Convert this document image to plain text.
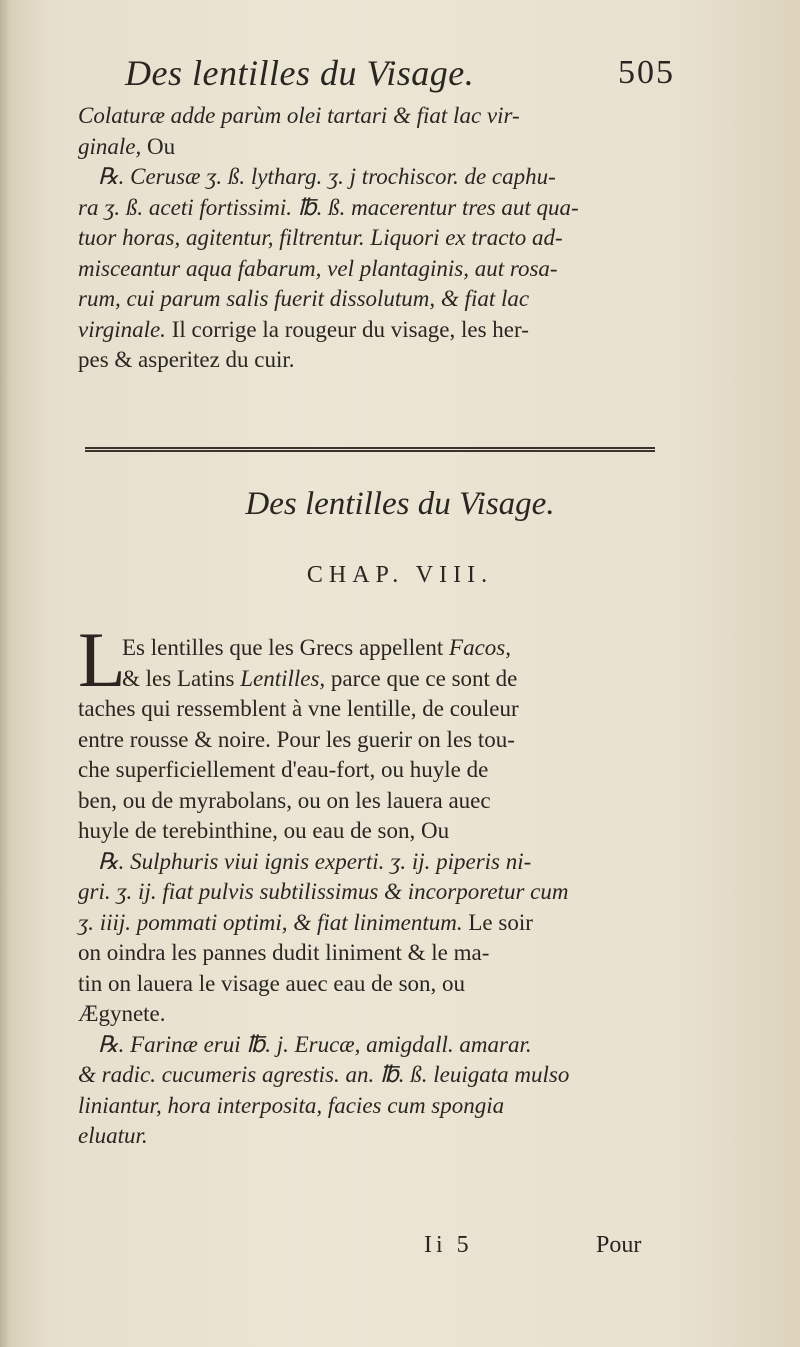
Des lentilles du Visage.	505

Colaturæ adde parùm olei tartari & fiat lac vir-

ginale, Ou

℞. Cerusæ ʒ. ß. lytharg. ʒ. j trochiscor. de caphu-

ra ʒ. ß. aceti fortissimi. ℔. ß. macerentur tres aut qua-

tuor horas, agitentur, filtrentur. Liquori ex tracto ad-

misceantur aqua fabarum, vel plantaginis, aut rosa-

rum, cui parum salis fuerit dissolutum, & fiat lac

virginale. Il corrige la rougeur du visage, les her-

pes & asperitez du cuir.

Des lentilles du Visage.
CHAP. VIII.
L

Es lentilles que les Grecs appellent Facos,

& les Latins Lentilles, parce que ce sont de

taches qui ressemblent à vne lentille, de couleur

entre rousse & noire. Pour les guerir on les tou-

che superficiellement d'eau-fort, ou huyle de

ben, ou de myrabolans, ou on les lauera auec

huyle de terebinthine, ou eau de son, Ou

℞. Sulphuris viui ignis experti. ʒ. ij. piperis ni-

gri. ʒ. ij. fiat pulvis subtilissimus & incorporetur cum

ʒ. iiij. pommati optimi, & fiat linimentum. Le soir

on oindra les pannes dudit liniment & le ma-

tin on lauera le visage auec eau de son, ou

Ægynete.

℞. Farinæ erui ℔. j. Erucæ, amigdall. amarar.

& radic. cucumeris agrestis. an. ℔. ß. leuigata mulso

liniantur, hora interposita, facies cum spongia

eluatur.

Ii 5	Pour
